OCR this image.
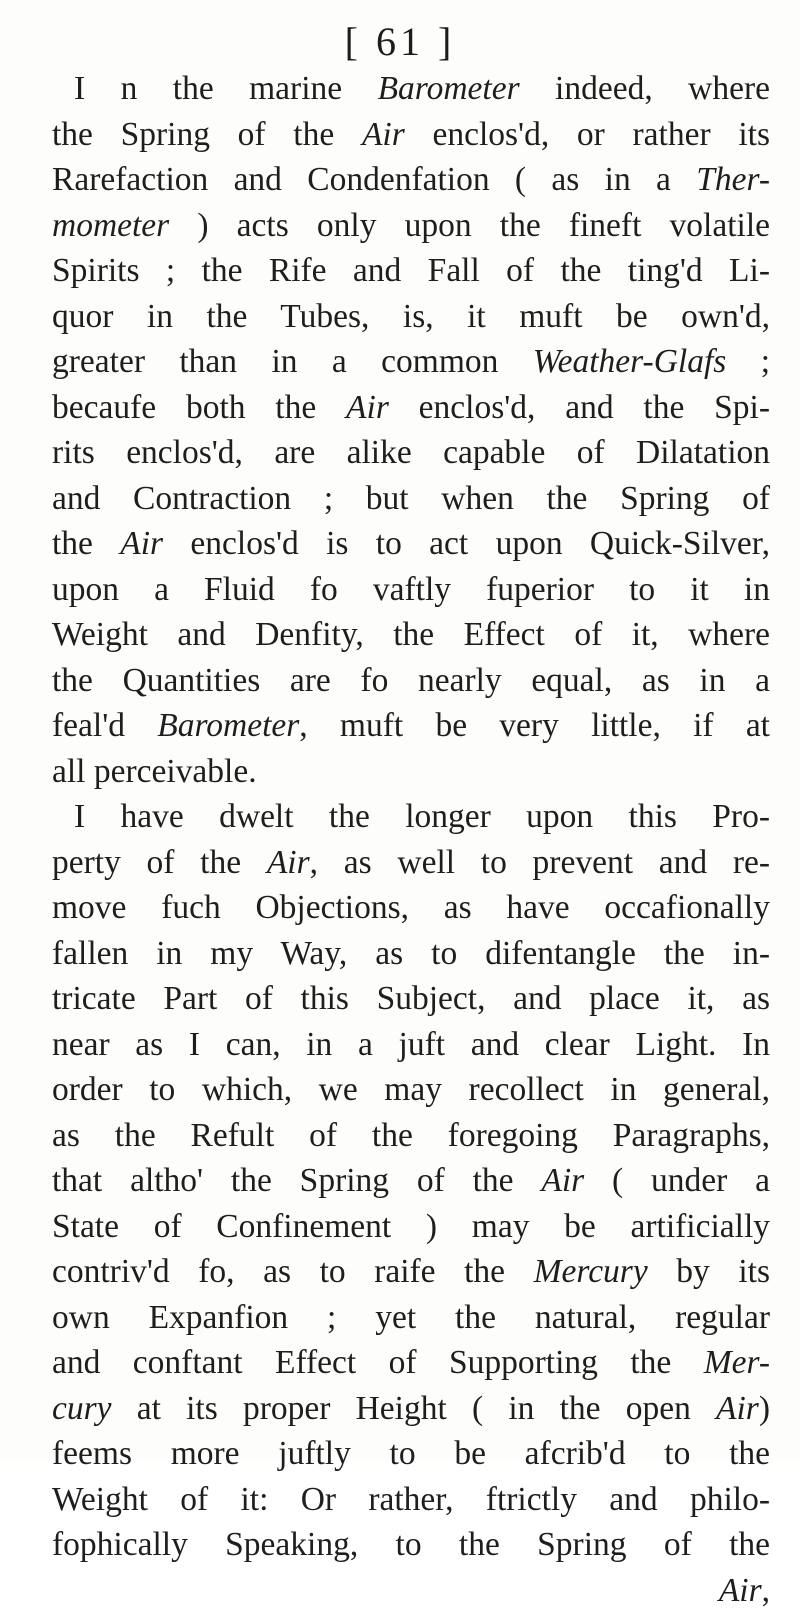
[ 61 ]
I n the marine Barometer indeed, where
the Spring of the Air enclos'd, or rather its
Rarefaction and Condenfation ( as in a Ther-
mometer ) acts only upon the fineft volatile
Spirits ; the Rife and Fall of the ting'd Li-
quor in the Tubes, is, it muft be own'd,
greater than in a common Weather-Glafs ;
becaufe both the Air enclos'd, and the Spi-
rits enclos'd, are alike capable of Dilatation
and Contraction ; but when the Spring of
the Air enclos'd is to act upon Quick-Silver,
upon a Fluid fo vaftly fuperior to it in
Weight and Denfity, the Effect of it, where
the Quantities are fo nearly equal, as in a
feal'd Barometer, muft be very little, if at
all perceivable.
I have dwelt the longer upon this Pro-
perty of the Air, as well to prevent and re-
move fuch Objections, as have occafionally
fallen in my Way, as to difentangle the in-
tricate Part of this Subject, and place it, as
near as I can, in a juft and clear Light. In
order to which, we may recollect in general,
as the Refult of the foregoing Paragraphs,
that altho' the Spring of the Air ( under a
State of Confinement ) may be artificially
contriv'd fo, as to raife the Mercury by its
own Expanfion ; yet the natural, regular
and conftant Effect of Supporting the Mer-
cury at its proper Height ( in the open Air)
feems more juftly to be afcrib'd to the
Weight of it: Or rather, ftrictly and philo-
fophically Speaking, to the Spring of the
Air,
